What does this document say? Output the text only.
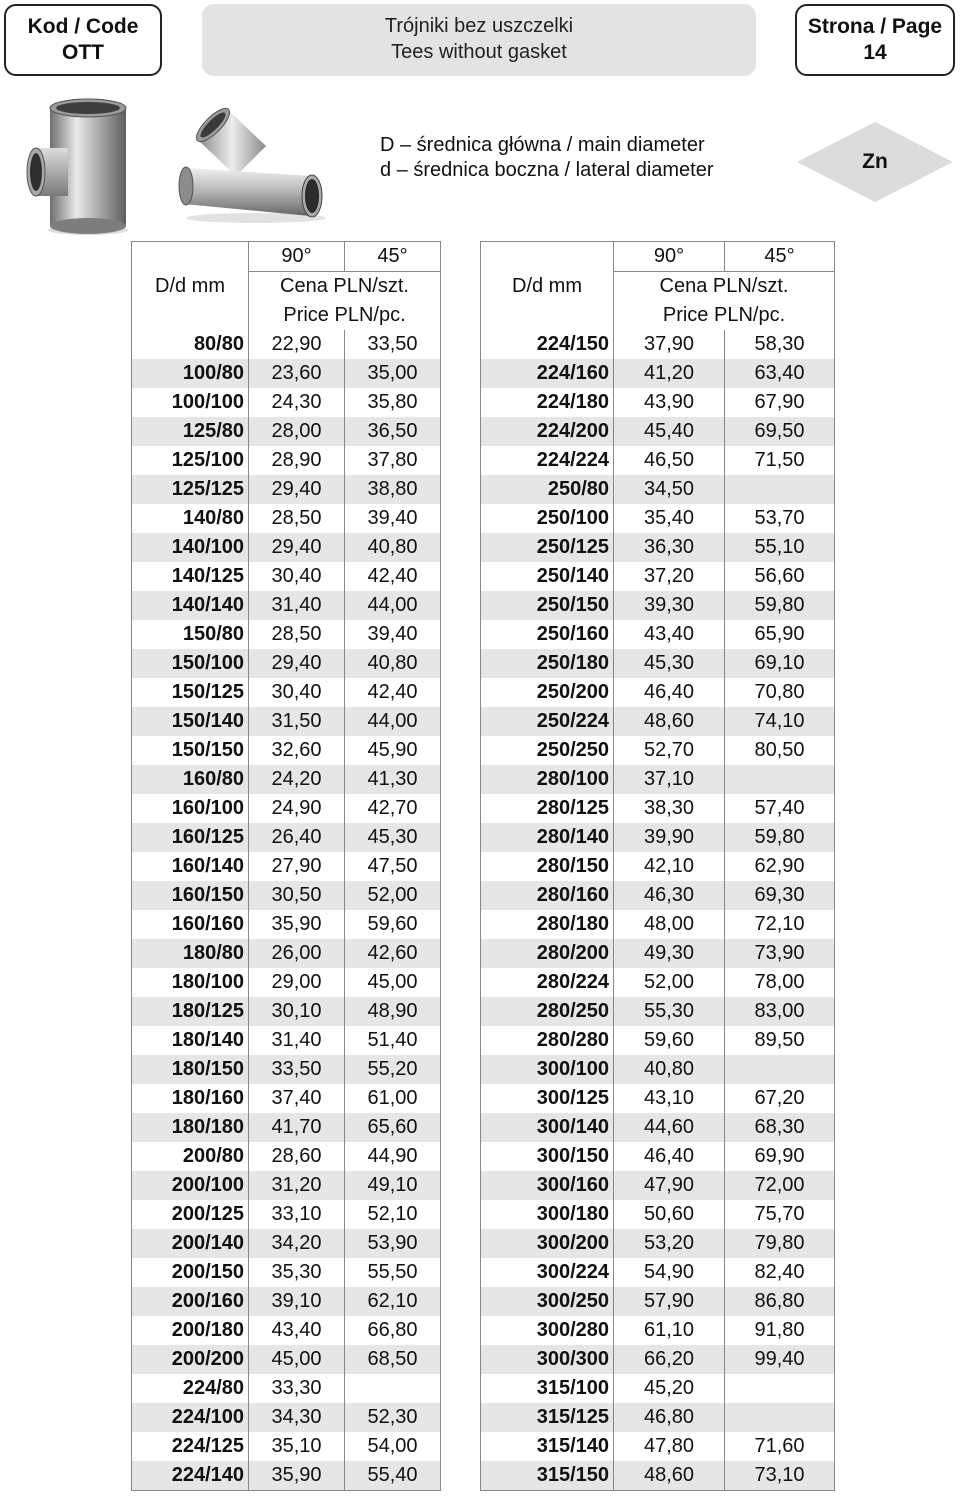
Kod / Code
OTT
Trójniki bez uszczelki
Tees without gasket
Strona / Page
14
D – średnica główna / main diameter
d – średnica boczna / lateral diameter	Zn
D/d mm	90°	45°
	Cena PLN/szt.	
	Price PLN/pc.	
80/80	22,90	33,50
100/80	23,60	35,00
100/100	24,30	35,80
125/80	28,00	36,50
125/100	28,90	37,80
125/125	29,40	38,80
140/80	28,50	39,40
140/100	29,40	40,80
140/125	30,40	42,40
140/140	31,40	44,00
150/80	28,50	39,40
150/100	29,40	40,80
150/125	30,40	42,40
150/140	31,50	44,00
150/150	32,60	45,90
160/80	24,20	41,30
160/100	24,90	42,70
160/125	26,40	45,30
160/140	27,90	47,50
160/150	30,50	52,00
160/160	35,90	59,60
180/80	26,00	42,60
180/100	29,00	45,00
180/125	30,10	48,90
180/140	31,40	51,40
180/150	33,50	55,20
180/160	37,40	61,00
180/180	41,70	65,60
200/80	28,60	44,90
200/100	31,20	49,10
200/125	33,10	52,10
200/140	34,20	53,90
200/150	35,30	55,50
200/160	39,10	62,10
200/180	43,40	66,80
200/200	45,00	68,50
224/80	33,30	
224/100	34,30	52,30
224/125	35,10	54,00
224/140	35,90	55,40
D/d mm	90°	45°
	Cena PLN/szt.	
	Price PLN/pc.	
224/150	37,90	58,30
224/160	41,20	63,40
224/180	43,90	67,90
224/200	45,40	69,50
224/224	46,50	71,50
250/80	34,50	
250/100	35,40	53,70
250/125	36,30	55,10
250/140	37,20	56,60
250/150	39,30	59,80
250/160	43,40	65,90
250/180	45,30	69,10
250/200	46,40	70,80
250/224	48,60	74,10
250/250	52,70	80,50
280/100	37,10	
280/125	38,30	57,40
280/140	39,90	59,80
280/150	42,10	62,90
280/160	46,30	69,30
280/180	48,00	72,10
280/200	49,30	73,90
280/224	52,00	78,00
280/250	55,30	83,00
280/280	59,60	89,50
300/100	40,80	
300/125	43,10	67,20
300/140	44,60	68,30
300/150	46,40	69,90
300/160	47,90	72,00
300/180	50,60	75,70
300/200	53,20	79,80
300/224	54,90	82,40
300/250	57,90	86,80
300/280	61,10	91,80
300/300	66,20	99,40
315/100	45,20	
315/125	46,80	
315/140	47,80	71,60
315/150	48,60	73,10
